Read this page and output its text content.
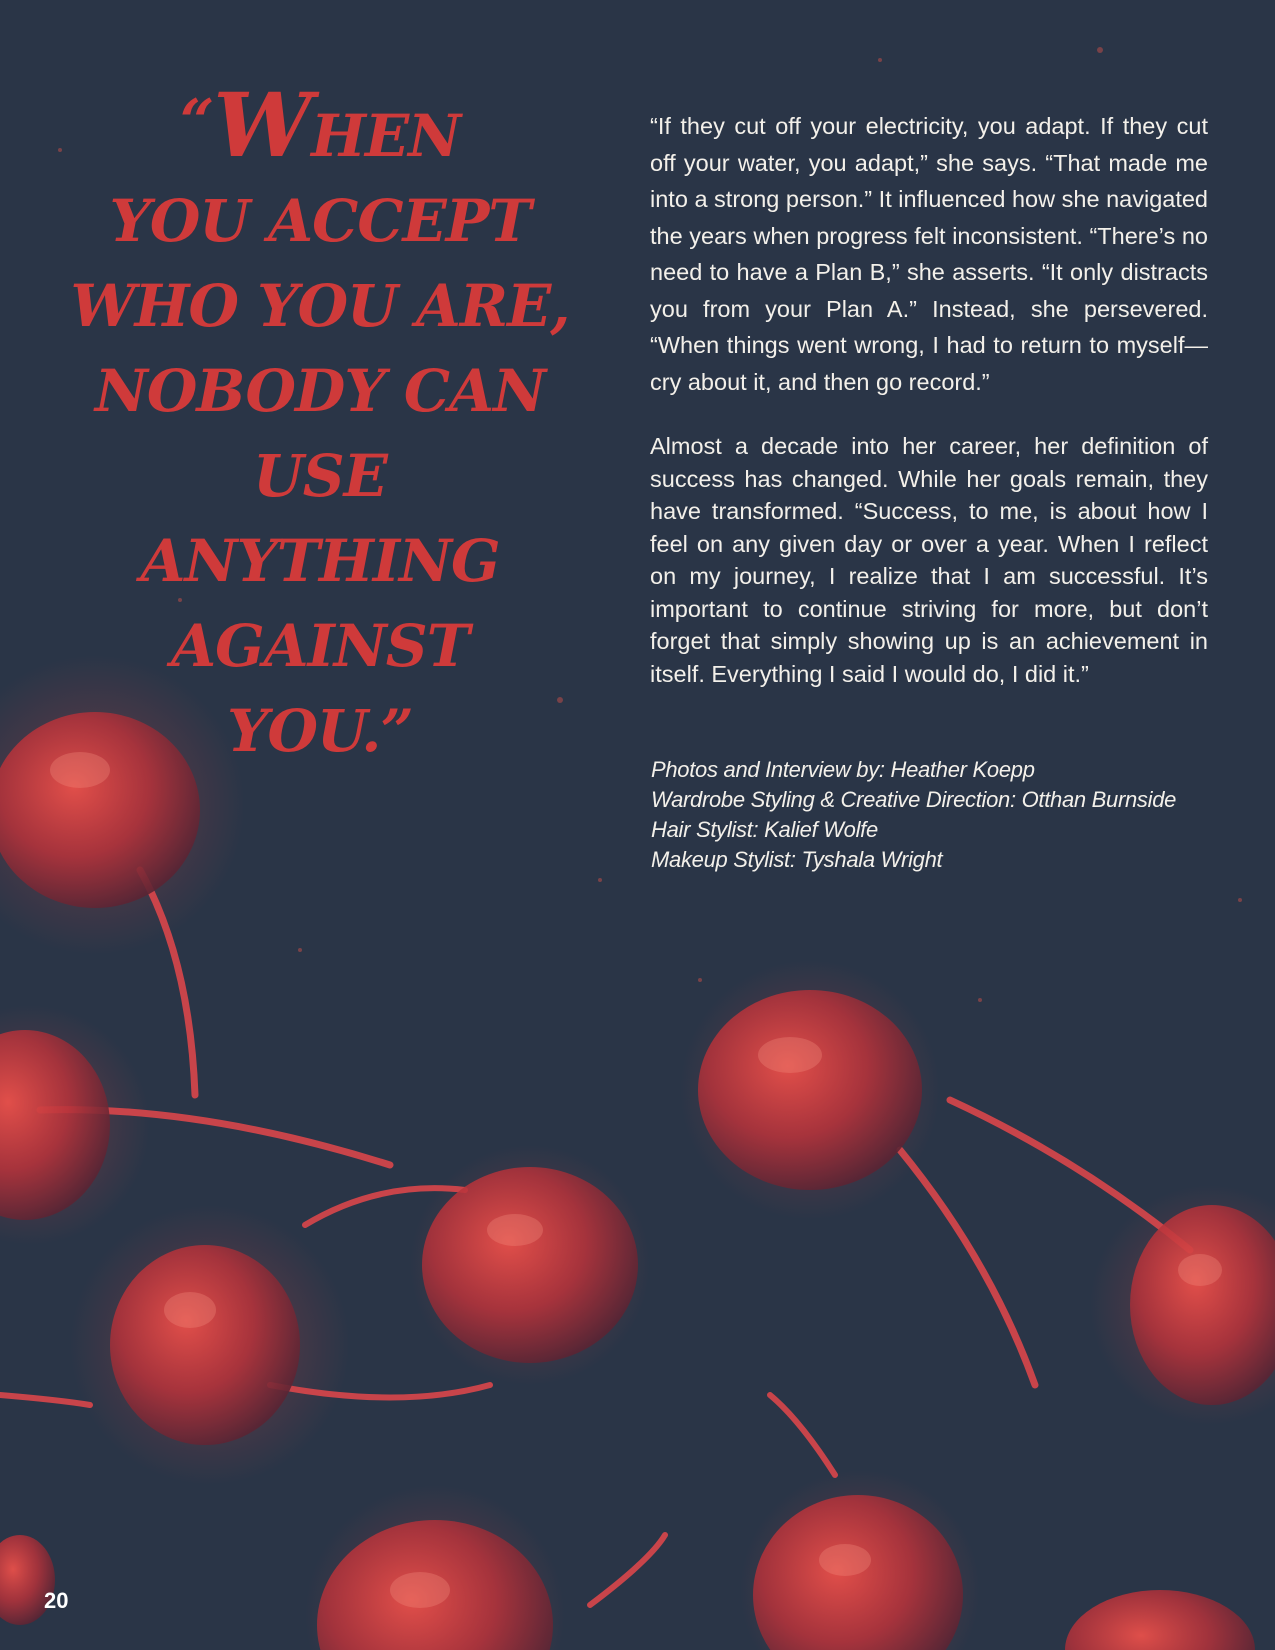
“WHEN
YOU ACCEPT
WHO YOU ARE,
NOBODY CAN
USE ANYTHING
AGAINST YOU.”

“If they cut off your electricity, you adapt. If they cut off your water, you adapt,” she says. “That made me into a strong person.” It influenced how she navigated the years when progress felt inconsistent. “There’s no need to have a Plan B,” she asserts. “It only distracts you from your Plan A.” Instead, she persevered. “When things went wrong, I had to return to myself—cry about it, and then go record.”

Almost a decade into her career, her definition of success has changed. While her goals remain, they have transformed. “Success, to me, is about how I feel on any given day or over a year. When I reflect on my journey, I realize that I am successful. It’s important to continue striving for more, but don’t forget that simply showing up is an achievement in itself. Everything I said I would do, I did it.”

Photos and Interview by: Heather Koepp
Wardrobe Styling & Creative Direction: Otthan Burnside
Hair Stylist: Kalief Wolfe
Makeup Stylist: Tyshala Wright
20
